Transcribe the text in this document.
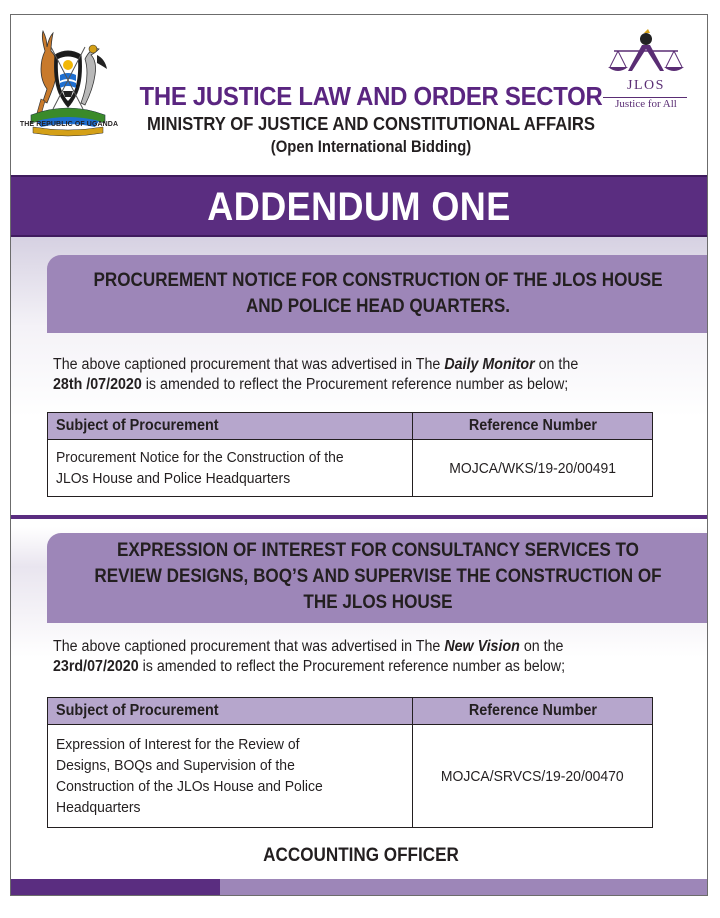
THE REPUBLIC OF UGANDA
JLOS
Justice for All
THE JUSTICE LAW AND ORDER SECTOR
MINISTRY OF JUSTICE AND CONSTITUTIONAL AFFAIRS
(Open International Bidding)
ADDENDUM ONE
PROCUREMENT NOTICE FOR CONSTRUCTION OF THE JLOS HOUSE
AND POLICE HEAD QUARTERS.
The above captioned procurement that was advertised in The Daily Monitor on the
28th /07/2020 is amended to reflect the Procurement reference number as below;
Subject of Procurement	Reference Number
Procurement Notice for the Construction of the
JLOs House and Police Headquarters	MOJCA/WKS/19-20/00491
EXPRESSION OF INTEREST FOR CONSULTANCY SERVICES TO
REVIEW DESIGNS, BOQ’S AND SUPERVISE THE CONSTRUCTION OF
THE JLOS HOUSE
The above captioned procurement that was advertised in The New Vision on the
23rd/07/2020 is amended to reflect the Procurement reference number as below;
Subject of Procurement	Reference Number
Expression of Interest for the Review of
Designs, BOQs and Supervision of the
Construction of the JLOs House and Police
Headquarters	MOJCA/SRVCS/19-20/00470
ACCOUNTING OFFICER
